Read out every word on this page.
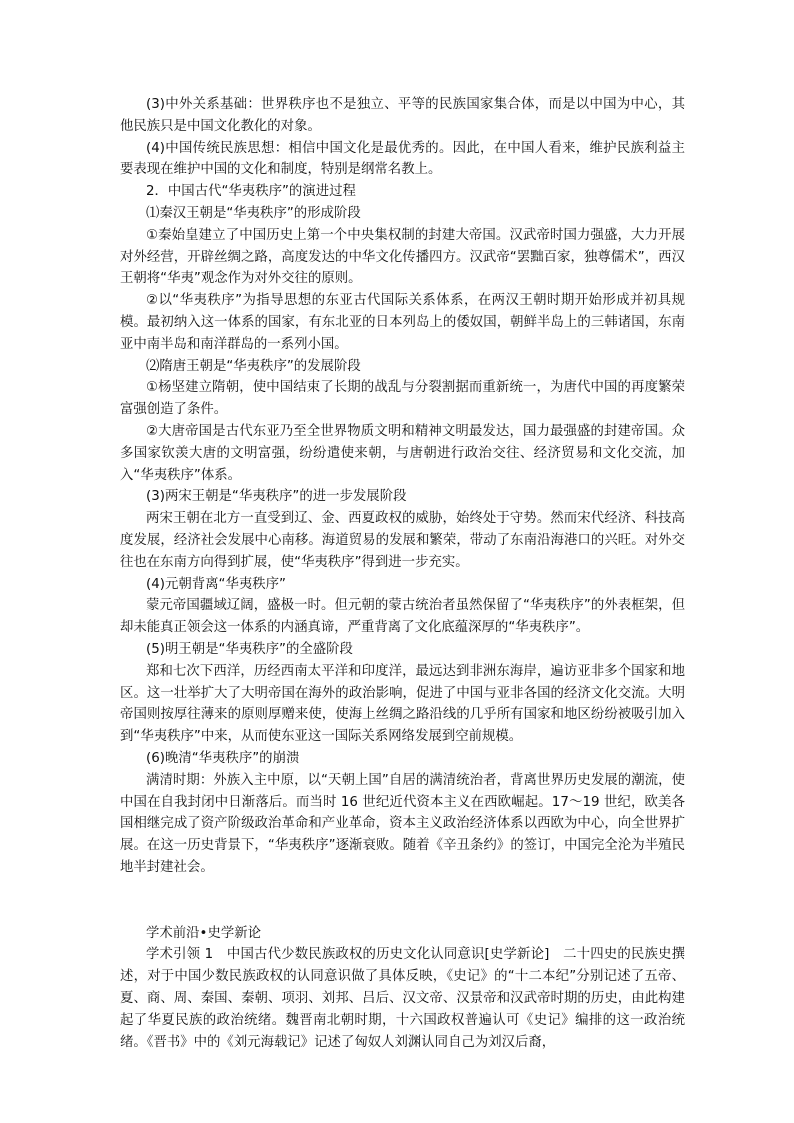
(3)中外关系基础：世界秩序也不是独立、平等的民族国家集合体，而是以中国为中心，其他民族只是中国文化教化的对象。

(4)中国传统民族思想：相信中国文化是最优秀的。因此，在中国人看来，维护民族利益主要表现在维护中国的文化和制度，特别是纲常名教上。

2．中国古代“华夷秩序”的演进过程

⑴秦汉王朝是“华夷秩序”的形成阶段

①秦始皇建立了中国历史上第一个中央集权制的封建大帝国。汉武帝时国力强盛，大力开展对外经营，开辟丝绸之路，高度发达的中华文化传播四方。汉武帝“罢黜百家，独尊儒术”，西汉王朝将“华夷”观念作为对外交往的原则。

②以“华夷秩序”为指导思想的东亚古代国际关系体系，在两汉王朝时期开始形成并初具规模。最初纳入这一体系的国家，有东北亚的日本列岛上的倭奴国，朝鲜半岛上的三韩诸国，东南亚中南半岛和南洋群岛的一系列小国。

⑵隋唐王朝是“华夷秩序”的发展阶段

①杨坚建立隋朝，使中国结束了长期的战乱与分裂割据而重新统一，为唐代中国的再度繁荣富强创造了条件。

②大唐帝国是古代东亚乃至全世界物质文明和精神文明最发达，国力最强盛的封建帝国。众多国家钦羡大唐的文明富强，纷纷遣使来朝，与唐朝进行政治交往、经济贸易和文化交流，加入“华夷秩序”体系。

(3)两宋王朝是“华夷秩序”的进一步发展阶段

两宋王朝在北方一直受到辽、金、西夏政权的威胁，始终处于守势。然而宋代经济、科技高度发展，经济社会发展中心南移。海道贸易的发展和繁荣，带动了东南沿海港口的兴旺。对外交往也在东南方向得到扩展，使“华夷秩序”得到进一步充实。

(4)元朝背离“华夷秩序”

蒙元帝国疆域辽阔，盛极一时。但元朝的蒙古统治者虽然保留了“华夷秩序”的外表框架，但却未能真正领会这一体系的内涵真谛，严重背离了文化底蕴深厚的“华夷秩序”。

(5)明王朝是“华夷秩序”的全盛阶段

郑和七次下西洋，历经西南太平洋和印度洋，最远达到非洲东海岸，遍访亚非多个国家和地区。这一壮举扩大了大明帝国在海外的政治影响，促进了中国与亚非各国的经济文化交流。大明帝国则按厚往薄来的原则厚赠来使，使海上丝绸之路沿线的几乎所有国家和地区纷纷被吸引加入到“华夷秩序”中来，从而使东亚这一国际关系网络发展到空前规模。

(6)晚清“华夷秩序”的崩溃

满清时期：外族入主中原，以“天朝上国”自居的满清统治者，背离世界历史发展的潮流，使中国在自我封闭中日渐落后。而当时 16 世纪近代资本主义在西欧崛起。17～19 世纪，欧美各国相继完成了资产阶级政治革命和产业革命，资本主义政治经济体系以西欧为中心，向全世界扩展。在这一历史背景下，“华夷秩序”逐渐衰败。随着《辛丑条约》的签订，中国完全沦为半殖民地半封建社会。

学术前沿•史学新论

学术引领 1　中国古代少数民族政权的历史文化认同意识[史学新论]　二十四史的民族史撰述，对于中国少数民族政权的认同意识做了具体反映，《史记》的“十二本纪”分别记述了五帝、夏、商、周、秦国、秦朝、项羽、刘邦、吕后、汉文帝、汉景帝和汉武帝时期的历史，由此构建起了华夏民族的政治统绪。魏晋南北朝时期，十六国政权普遍认可《史记》编排的这一政治统绪。《晋书》中的《刘元海载记》记述了匈奴人刘渊认同自己为刘汉后裔，
